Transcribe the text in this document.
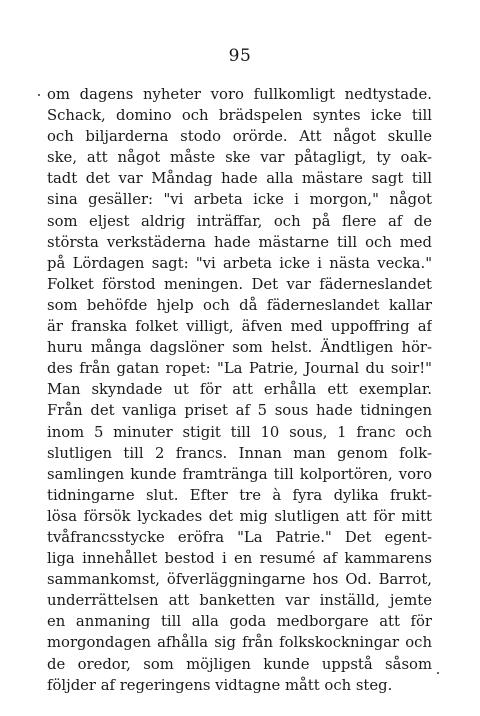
95
om dagens nyheter voro fullkomligt nedtystade.
Schack, domino och brädspelen syntes icke till
och biljarderna stodo orörde. Att något skulle
ske, att något måste ske var påtagligt, ty oak-
tadt det var Måndag hade alla mästare sagt till
sina gesäller: "vi arbeta icke i morgon," något
som eljest aldrig inträffar, och på flere af de
största verkstäderna hade mästarne till och med
på Lördagen sagt: "vi arbeta icke i nästa vecka."
Folket förstod meningen. Det var fäderneslandet
som behöfde hjelp och då fäderneslandet kallar
är franska folket villigt, äfven med uppoffring af
huru många dagslöner som helst. Ändtligen hör-
des från gatan ropet: "La Patrie, Journal du soir!"
Man skyndade ut för att erhålla ett exemplar.
Från det vanliga priset af 5 sous hade tidningen
inom 5 minuter stigit till 10 sous, 1 franc och
slutligen till 2 francs. Innan man genom folk-
samlingen kunde framtränga till kolportören, voro
tidningarne slut. Efter tre à fyra dylika frukt-
lösa försök lyckades det mig slutligen att för mitt
tvåfrancsstycke eröfra "La Patrie." Det egent-
liga innehållet bestod i en resumé af kammarens
sammankomst, öfverläggningarne hos Od. Barrot,
underrättelsen att banketten var inställd, jemte
en anmaning till alla goda medborgare att för
morgondagen afhålla sig från folkskockningar och
de oredor, som möjligen kunde uppstå såsom
följder af regeringens vidtagne mått och steg.
